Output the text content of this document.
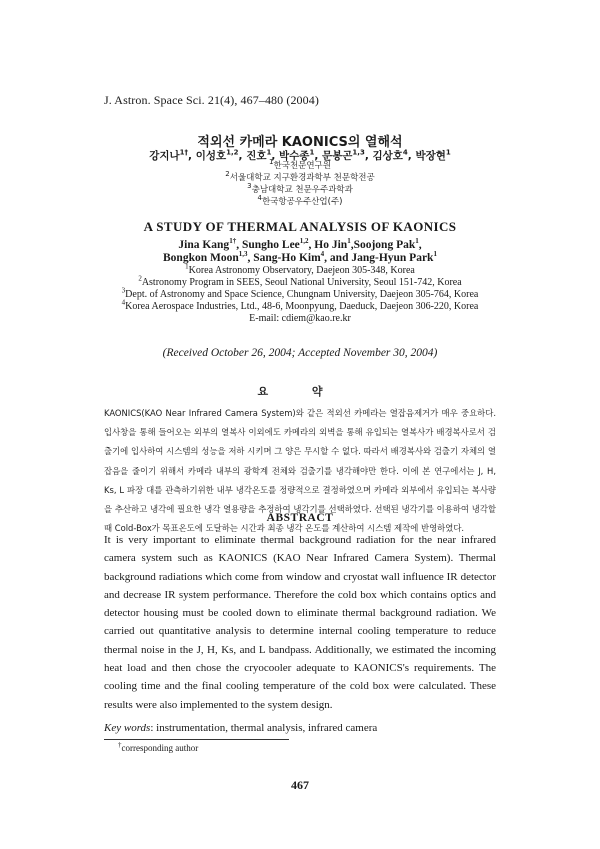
J. Astron. Space Sci. 21(4), 467–480 (2004)
적외선 카메라 KAONICS의 열해석
강지나$^{1\dagger}$, 이성호$^{1,2}$, 진호$^1$, 박수종$^1$, 문봉곤$^{1,3}$, 김상호$^4$, 박장현$^1$
$^1$한국천문연구원
$^2$서울대학교 지구환경과학부 천문학전공
$^3$충남대학교 천문우주과학과
$^4$한국항공우주산업(주)
A STUDY OF THERMAL ANALYSIS OF KAONICS
Jina Kang$^{1\dagger}$, Sungho Lee$^{1,2}$, Ho Jin$^1$,Soojong Pak$^1$,
Bongkon Moon$^{1,3}$, Sang-Ho Kim$^4$, and Jang-Hyun Park$^1$
$^1$Korea Astronomy Observatory, Daejeon 305-348, Korea
$^2$Astronomy Program in SEES, Seoul National University, Seoul 151-742, Korea
$^3$Dept. of Astronomy and Space Science, Chungnam University, Daejeon 305-764, Korea
$^4$Korea Aerospace Industries, Ltd., 48-6, Moonpyung, Daeduck, Daejeon 306-220, Korea
E-mail: cdiem@kao.re.kr
(Received October 26, 2004; Accepted November 30, 2004)
요 약
KAONICS(KAO Near Infrared Camera System)와 같은 적외선 카메라는 열잡음제거가 매우 중요하다. 입사창을 통해 들어오는 외부의 열복사 이외에도 카메라의 외벽을 통해 유입되는 열복사가 배경복사로서 검출기에 입사하여 시스템의 성능을 저하 시키며 그 양은 무시할 수 없다. 따라서 배경복사와 검출기 자체의 열잡음을 줄이기 위해서 카메라 내부의 광학계 전체와 검출기를 냉각해야만 한다. 이에 본 연구에서는 J, H, Ks, L 파장 대를 관측하기위한 내부 냉각온도를 정량적으로 결정하였으며 카메라 외부에서 유입되는 복사량을 추산하고 냉각에 필요한 냉각 열용량을 추정하여 냉각기를 선택하였다. 선택된 냉각기를 이용하여 냉각할 때 Cold-Box가 목표온도에 도달하는 시간과 최종 냉각 온도를 계산하여 시스템 제작에 반영하였다.
ABSTRACT
It is very important to eliminate thermal background radiation for the near infrared camera system such as KAONICS (KAO Near Infrared Camera System). Thermal background radiations which come from window and cryostat wall influence IR detector and decrease IR system performance. Therefore the cold box which contains optics and detector housing must be cooled down to eliminate thermal background radiation. We carried out quantitative analysis to determine internal cooling temperature to reduce thermal noise in the J, H, Ks, and L bandpass. Additionally, we estimated the incoming heat load and then chose the cryocooler adequate to KAONICS's requirements. The cooling time and the final cooling temperature of the cold box were calculated. These results were also implemented to the system design.
Key words: instrumentation, thermal analysis, infrared camera
†corresponding author
467
